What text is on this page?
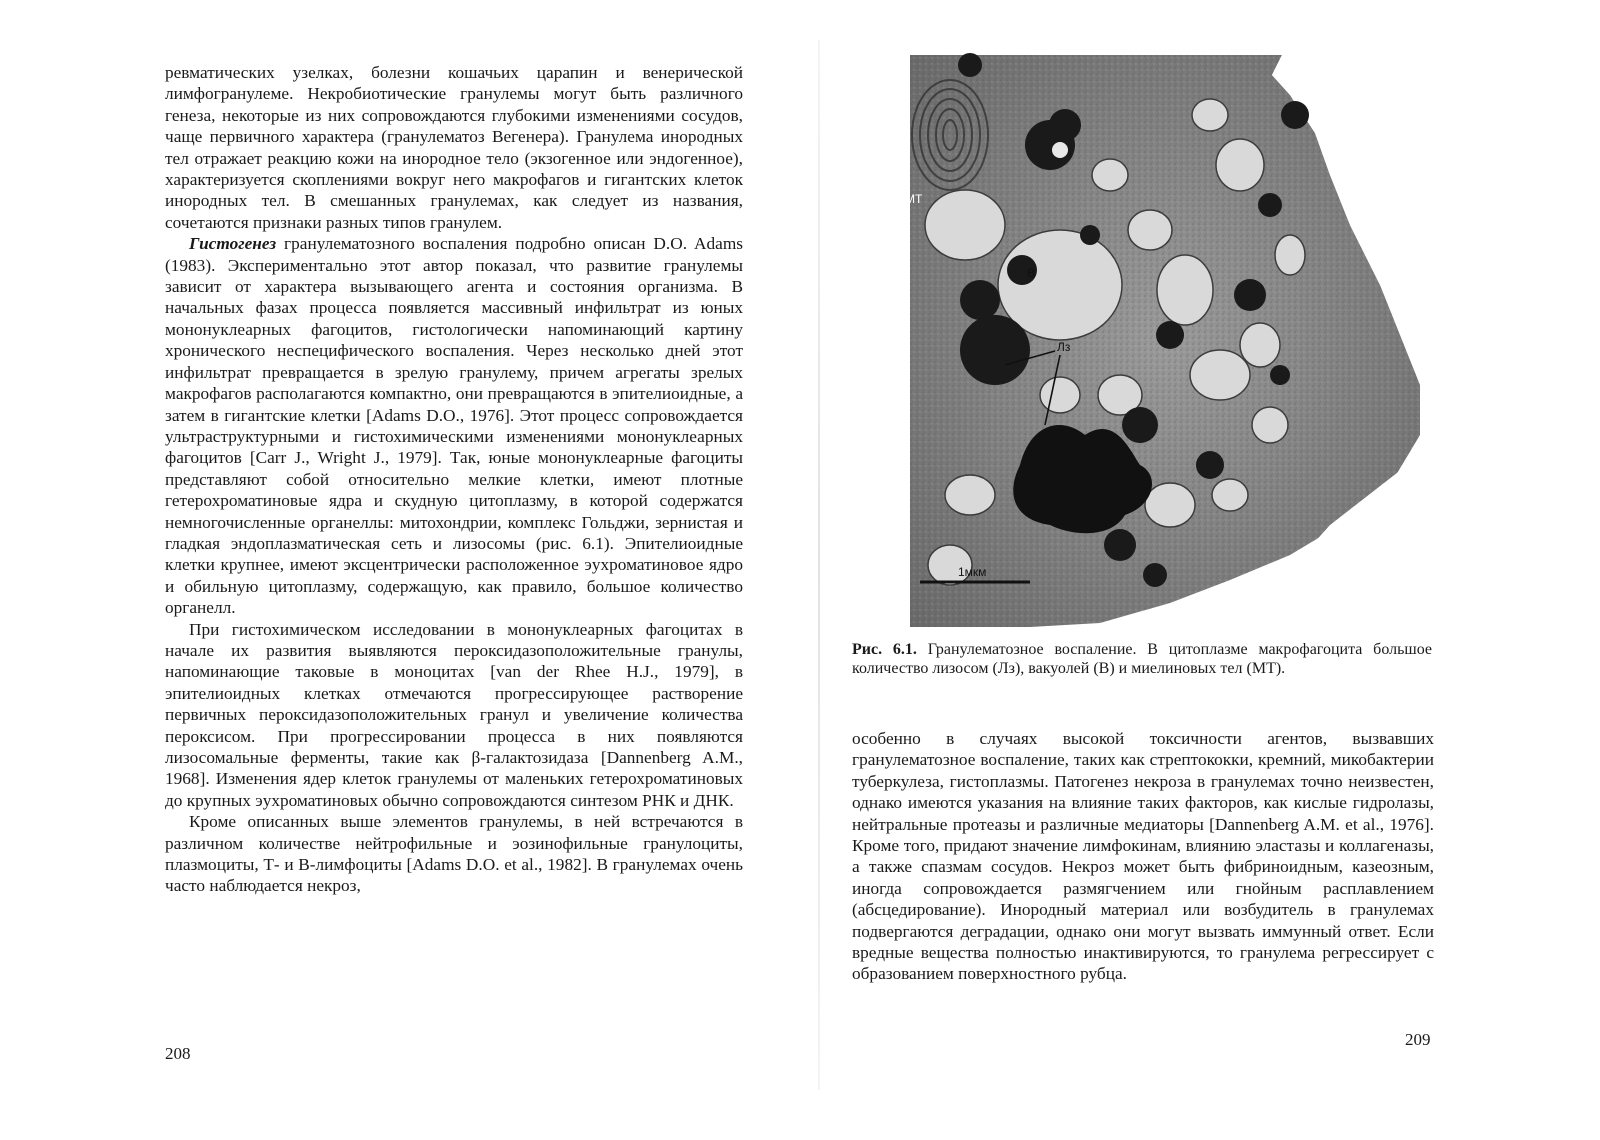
ревматических узелках, болезни кошачьих царапин и венерической лимфогранулеме. Некробиотические гранулемы могут быть различного генеза, некоторые из них сопровождаются глубокими изменениями сосудов, чаще первичного характера (гранулематоз Вегенера). Гранулема инородных тел отражает реакцию кожи на инородное тело (экзогенное или эндогенное), характеризуется скоплениями вокруг него макрофагов и гигантских клеток инородных тел. В смешанных гранулемах, как следует из названия, сочетаются признаки разных типов гранулем.

Гистогенез гранулематозного воспаления подробно описан D.O. Adams (1983). Экспериментально этот автор показал, что развитие гранулемы зависит от характера вызывающего агента и состояния организма. В начальных фазах процесса появляется массивный инфильтрат из юных мононуклеарных фагоцитов, гистологически напоминающий картину хронического неспецифического воспаления. Через несколько дней этот инфильтрат превращается в зрелую гранулему, причем агрегаты зрелых макрофагов располагаются компактно, они превращаются в эпителиоидные, а затем в гигантские клетки [Adams D.O., 1976]. Этот процесс сопровождается ультраструктурными и гистохимическими изменениями мононуклеарных фагоцитов [Carr J., Wright J., 1979]. Так, юные мононуклеарные фагоциты представляют собой относительно мелкие клетки, имеют плотные гетерохроматиновые ядра и скудную цитоплазму, в которой содержатся немногочисленные органеллы: митохондрии, комплекс Гольджи, зернистая и гладкая эндоплазматическая сеть и лизосомы (рис. 6.1). Эпителиоидные клетки крупнее, имеют эксцентрически расположенное эухроматиновое ядро и обильную цитоплазму, содержащую, как правило, большое количество органелл.

При гистохимическом исследовании в мононуклеарных фагоцитах в начале их развития выявляются пероксидазоположительные гранулы, напоминающие таковые в моноцитах [van der Rhee H.J., 1979], в эпителиоидных клетках отмечаются прогрессирующее растворение первичных пероксидазоположительных гранул и увеличение количества пероксисом. При прогрессировании процесса в них появляются лизосомальные ферменты, такие как β-галактозидаза [Dannenberg A.M., 1968]. Изменения ядер клеток гранулемы от маленьких гетерохроматиновых до крупных эухроматиновых обычно сопровождаются синтезом РНК и ДНК.

Кроме описанных выше элементов гранулемы, в ней встречаются в различном количестве нейтрофильные и эозинофильные гранулоциты, плазмоциты, Т- и В-лимфоциты [Adams D.O. et al., 1982]. В гранулемах очень часто наблюдается некроз,

208
МТ
В
Лз
1мкм
Рис. 6.1. Гранулематозное воспаление. В цитоплазме макрофагоцита большое количество лизосом (Лз), вакуолей (В) и миелиновых тел (МТ).

особенно в случаях высокой токсичности агентов, вызвавших гранулематозное воспаление, таких как стрептококки, кремний, микобактерии туберкулеза, гистоплазмы. Патогенез некроза в гранулемах точно неизвестен, однако имеются указания на влияние таких факторов, как кислые гидролазы, нейтральные протеазы и различные медиаторы [Dannenberg A.M. et al., 1976]. Кроме того, придают значение лимфокинам, влиянию эластазы и коллагеназы, а также спазмам сосудов. Некроз может быть фибриноидным, казеозным, иногда сопровождается размягчением или гнойным расплавлением (абсцедирование). Инородный материал или возбудитель в гранулемах подвергаются деградации, однако они могут вызвать иммунный ответ. Если вредные вещества полностью инактивируются, то гранулема регрессирует с образованием поверхностного рубца.

209
